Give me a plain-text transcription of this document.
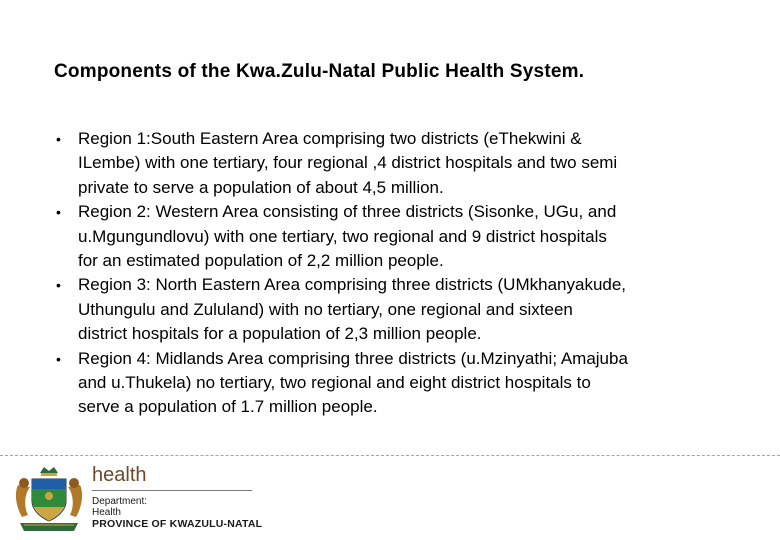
Components of the Kwa.Zulu-Natal Public Health System.
• Region 1:South Eastern Area comprising two districts (eThekwini &
ILembe) with one tertiary, four regional ,4 district hospitals and two semi
private to serve a population of about 4,5 million.
• Region 2: Western Area consisting of three districts (Sisonke, UGu, and
u.Mgungundlovu) with one tertiary, two regional and 9 district hospitals
for an estimated population of 2,2 million people.
• Region 3: North Eastern Area comprising three districts (UMkhanyakude,
Uthungulu and Zululand) with no tertiary, one regional and sixteen
district hospitals for a population of 2,3 million people.
• Region 4: Midlands Area comprising three districts (u.Mzinyathi; Amajuba
and u.Thukela) no tertiary, two regional and eight district hospitals to
serve a population of 1.7 million people.

health

Department:

Health

PROVINCE OF KWAZULU-NATAL
